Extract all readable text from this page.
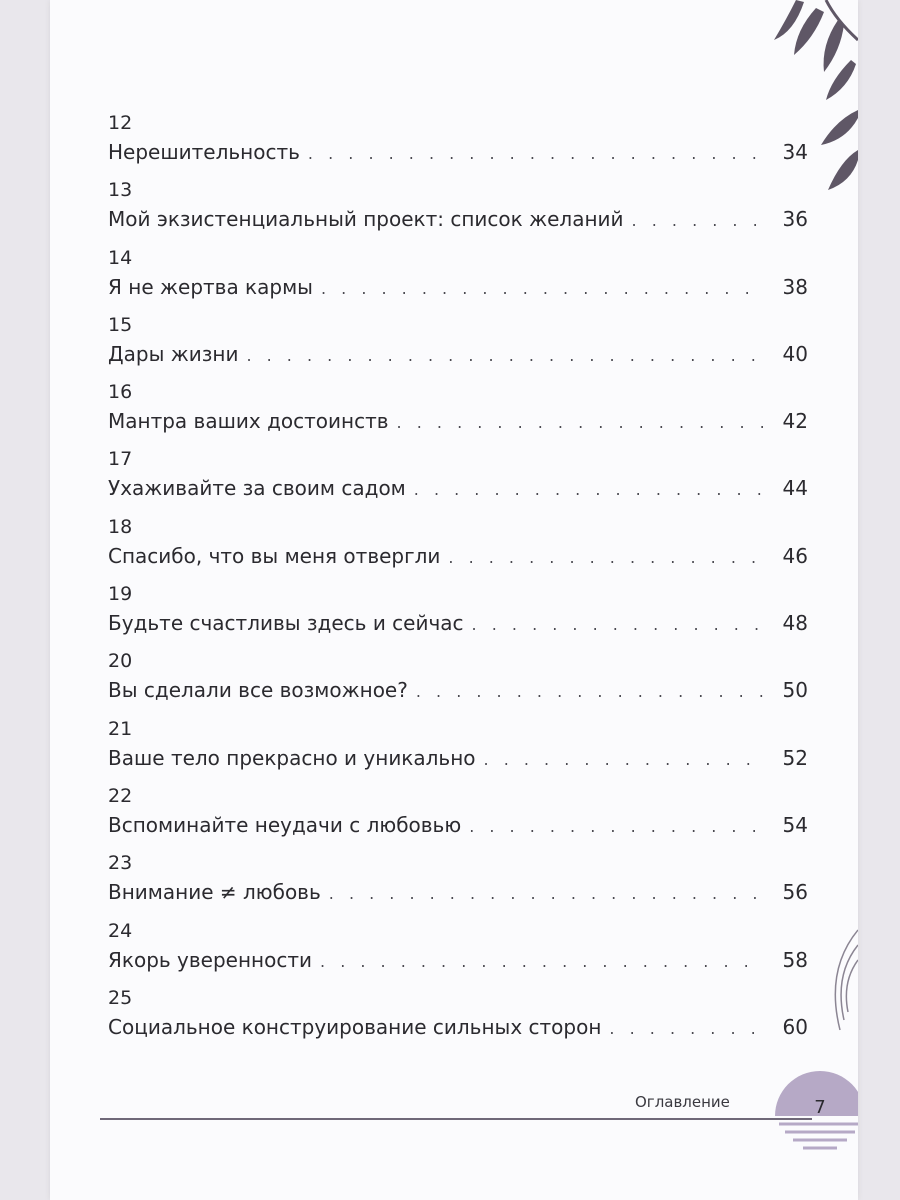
12
Нерешительность . . .	34
13
Мой экзистенциальный проект: список желаний . . .	36
14
Я не жертва кармы . . .	38
15
Дары жизни . . .	40
16
Мантра ваших достоинств . . .	42
17
Ухаживайте за своим садом . . .	44
18
Спасибо, что вы меня отвергли . . .	46
19
Будьте счастливы здесь и сейчас . . .	48
20
Вы сделали все возможное? . . .	50
21
Ваше тело прекрасно и уникально . . .	52
22
Вспоминайте неудачи с любовью . . .	54
23
Внимание ≠ любовь . . .	56
24
Якорь уверенности . . .	58
25
Социальное конструирование сильных сторон . . .	60
Оглавление	7
